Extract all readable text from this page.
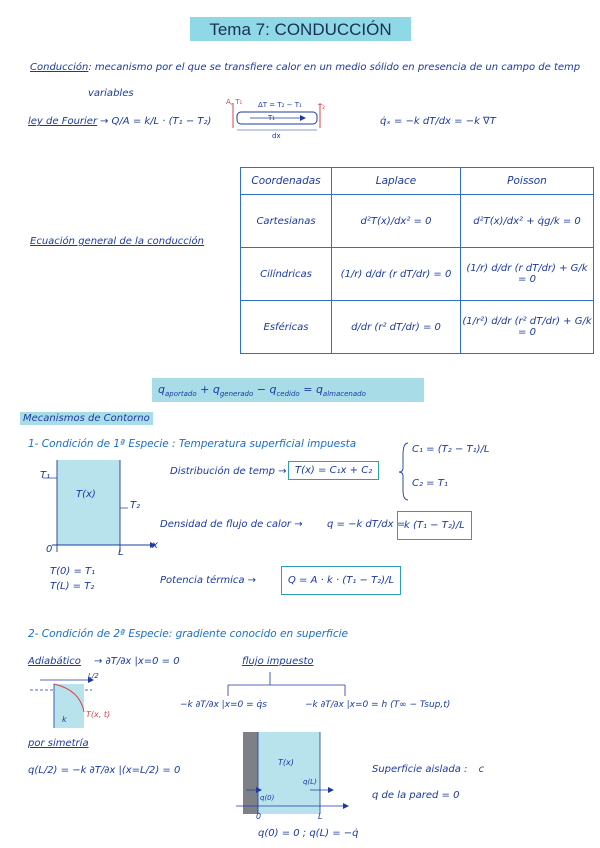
Tema 7: CONDUCCIÓN
Conducción: mecanismo por el que se transfiere calor en un medio sólido en presencia de un campo de temp
variables
ley de Fourier → Q/A = k/L · (T₁ − T₂)
A, T₁ ΔT = T₂ − T₁ T₂
T₁
dx
q̇ₓ = −k dT/dx = −k ∇T
Ecuación general de la conducción
Coordenadas	Laplace	Poisson
Cartesianas	d²T(x)/dx² = 0	d²T(x)/dx² + q̇g/k = 0
Cilíndricas	(1/r) d/dr (r dT/dr) = 0	(1/r) d/dr (r dT/dr) + G/k = 0
Esféricas	d/dr (r² dT/dr) = 0	(1/r²) d/dr (r² dT/dr) + G/k = 0
$q_{aportado} + q_{generado} - q_{cedido} = q_{almacenado}$
Mecanismos de Contorno
1- Condición de 1ª Especie : Temperatura superficial impuesta
T(x)
T₁
T₂
0	L
x
T(0) = T₁
T(L) = T₂
Distribución de temp → T(x) = C₁x + C₂
C₁ = (T₂ − T₁)/L
C₂ = T₁
Densidad de flujo de calor → q = −k dT/dx =
k (T₁ − T₂)/L
Potencia térmica →	Q = A · k · (T₁ − T₂)/L
2- Condición de 2ª Especie: gradiente conocido en superficie
Adiabático → ∂T/∂x |x=0 = 0
L/2
k
T(x, t)
por simetría
q(L/2) = −k ∂T/∂x |(x=L/2) = 0
flujo impuesto
−k ∂T/∂x |x=0 = q̇s	−k ∂T/∂x |x=0 = h (T∞ − Tsup,t)
T(x)
q(0)
q(L)
0	L
Superficie aislada : c
q de la pared = 0
q(0) = 0 ; q(L) = −q̇
